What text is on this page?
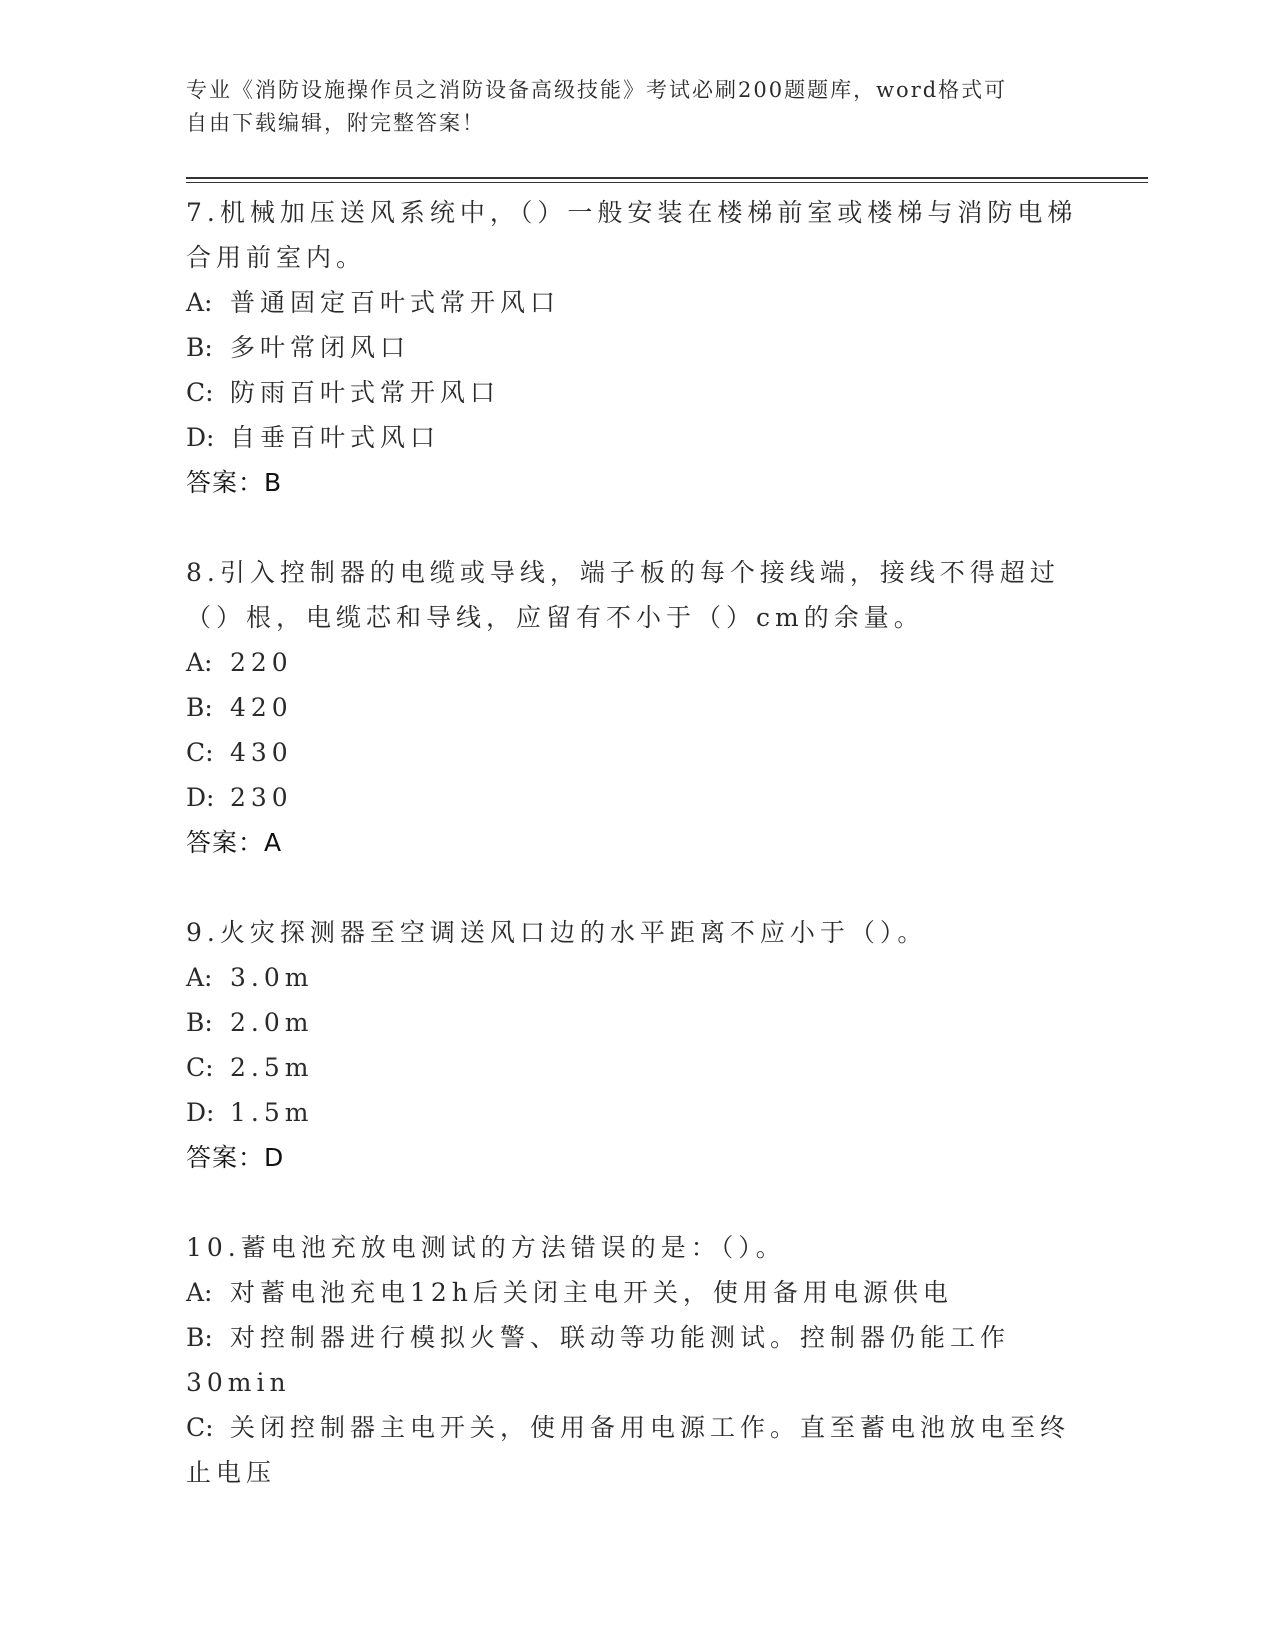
专业《消防设施操作员之消防设备高级技能》考试必刷200题题库，word格式可
自由下载编辑，附完整答案！

7.机械加压送风系统中，（）一般安装在楼梯前室或楼梯与消防电梯合用前室内。

A: 普通固定百叶式常开风口

B: 多叶常闭风口

C: 防雨百叶式常开风口

D: 自垂百叶式风口

答案：B

8.引入控制器的电缆或导线，端子板的每个接线端，接线不得超过（）根，电缆芯和导线，应留有不小于（）cm的余量。

A: 220

B: 420

C: 430

D: 230

答案：A

9.火灾探测器至空调送风口边的水平距离不应小于（）。

A: 3.0m

B: 2.0m

C: 2.5m

D: 1.5m

答案：D

10.蓄电池充放电测试的方法错误的是：（）。

A: 对蓄电池充电12h后关闭主电开关，使用备用电源供电

B: 对控制器进行模拟火警、联动等功能测试。控制器仍能工作30min

C: 关闭控制器主电开关，使用备用电源工作。直至蓄电池放电至终止电压
